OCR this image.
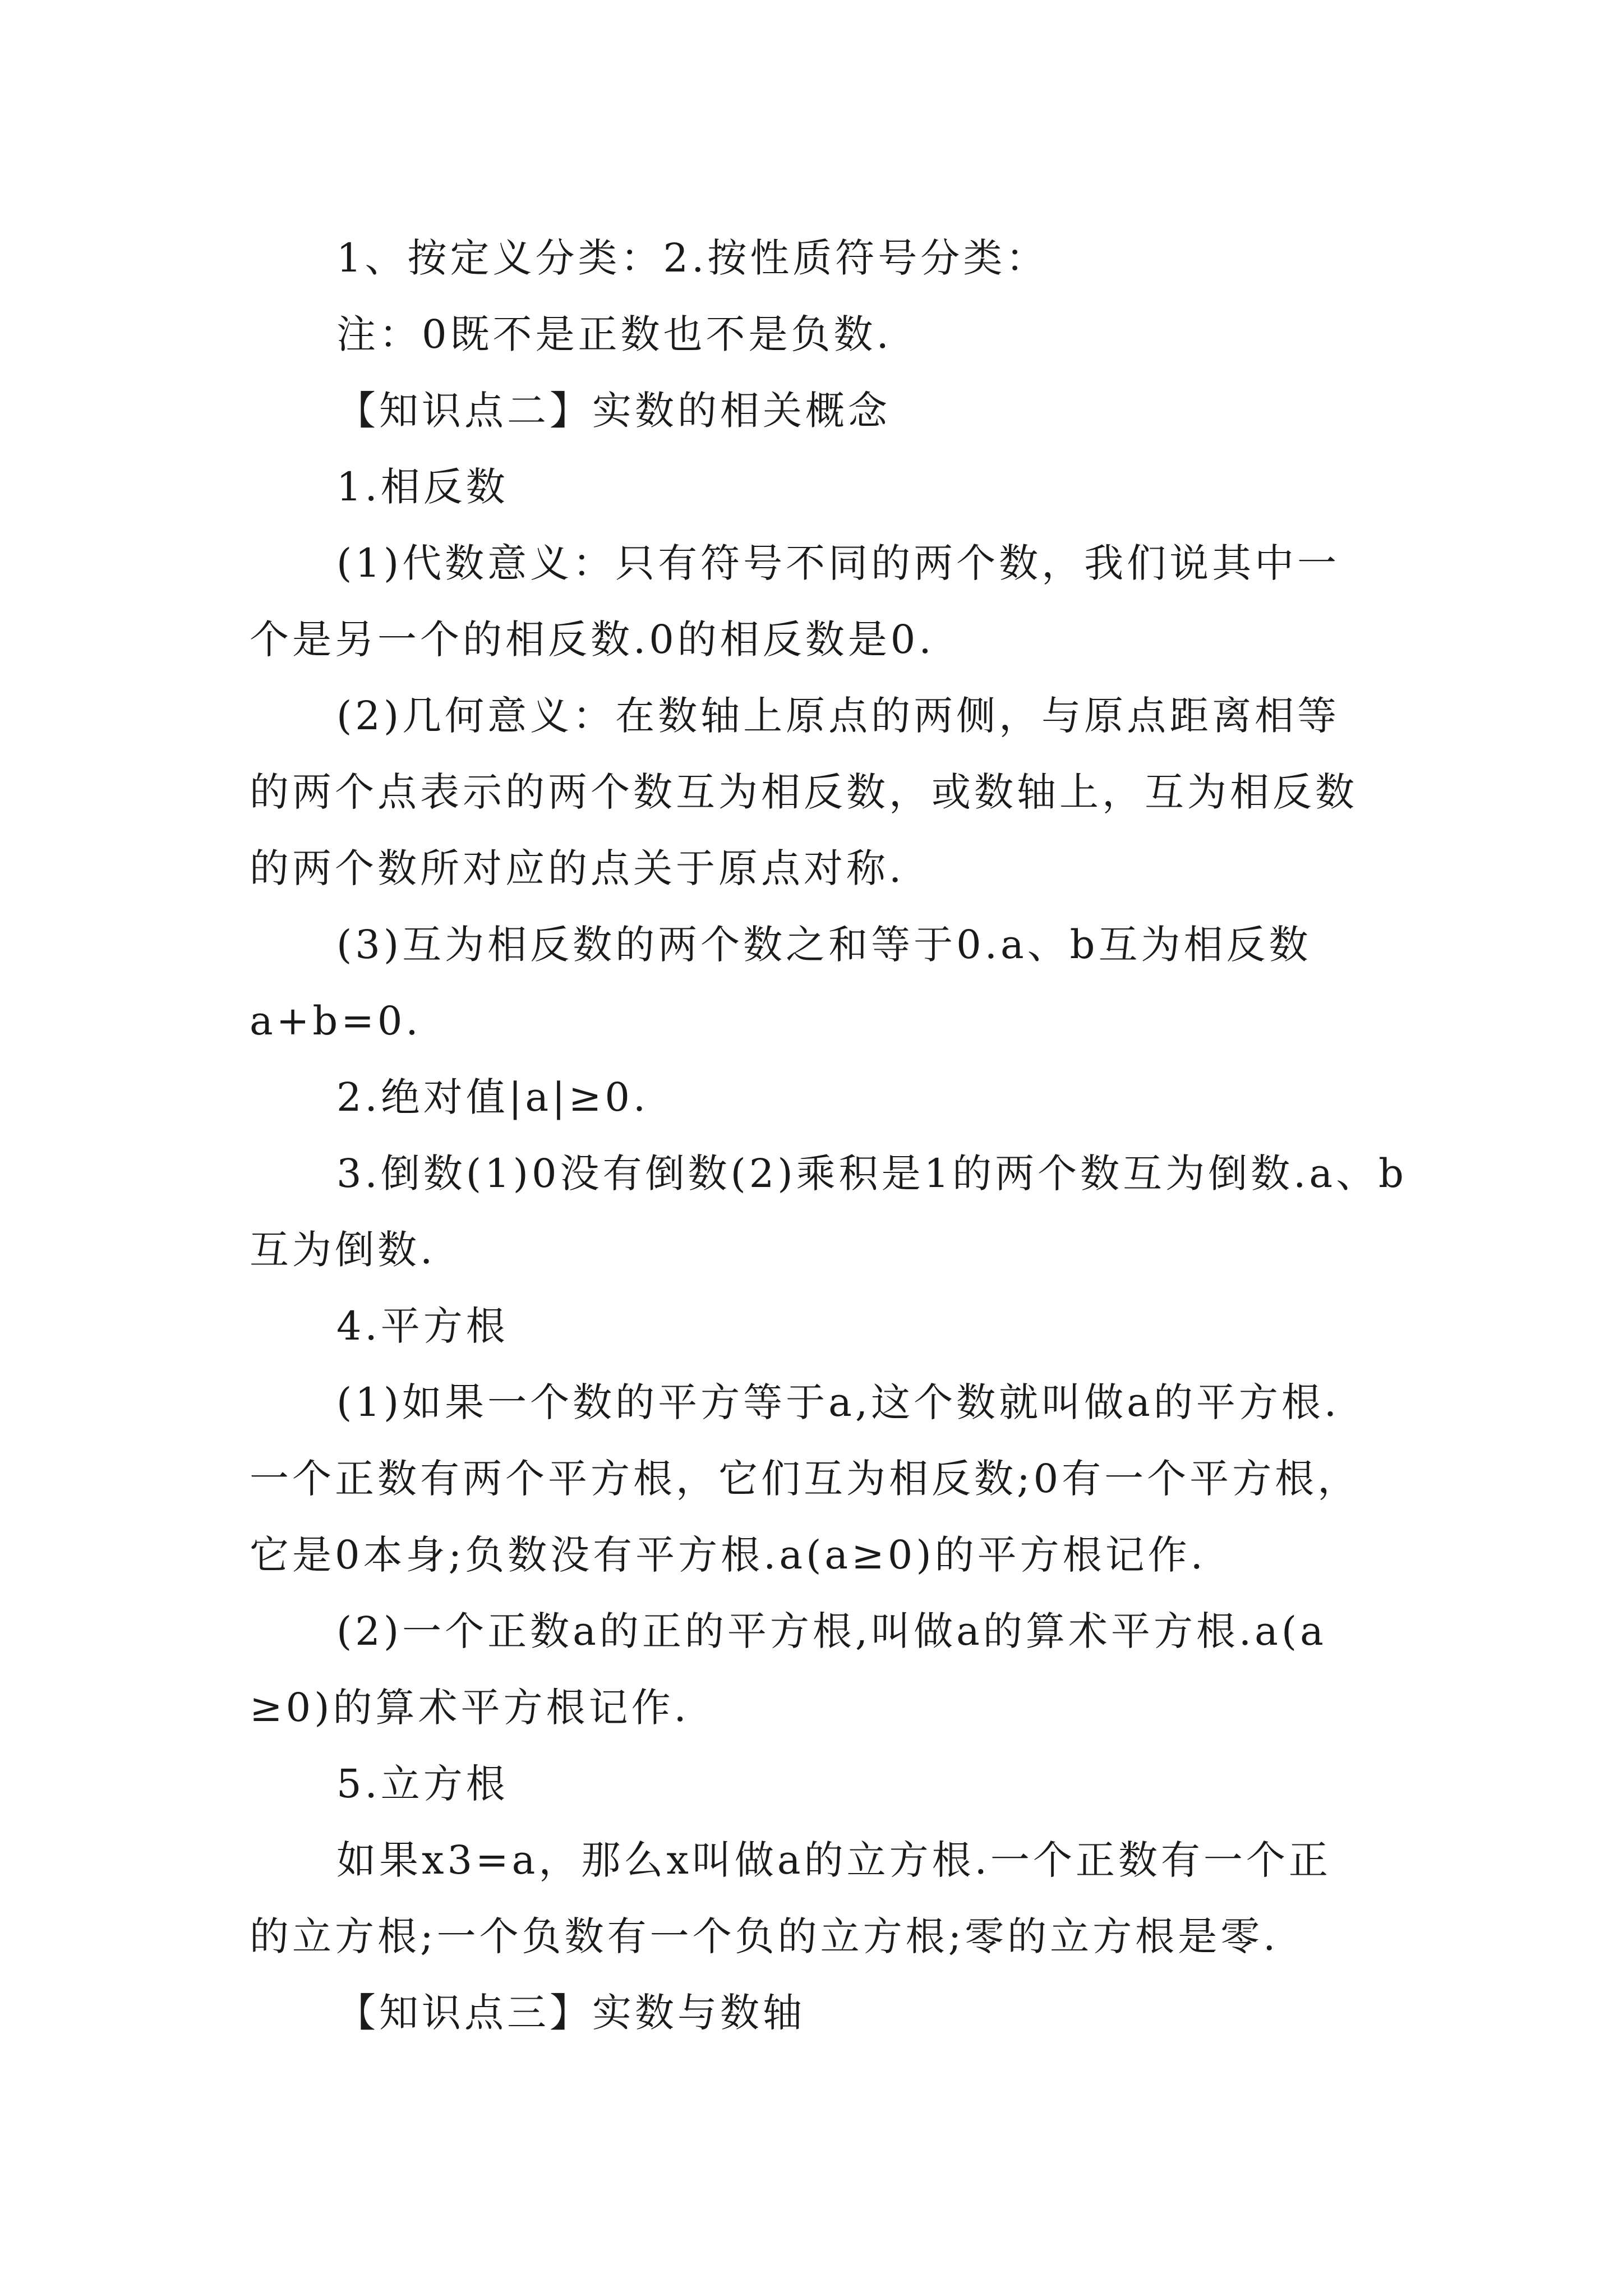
1、按定义分类：2.按性质符号分类：
注：0既不是正数也不是负数.
【知识点二】实数的相关概念
1.相反数
(1)代数意义：只有符号不同的两个数，我们说其中一
个是另一个的相反数.0的相反数是0.
(2)几何意义：在数轴上原点的两侧，与原点距离相等
的两个点表示的两个数互为相反数，或数轴上，互为相反数
的两个数所对应的点关于原点对称.
(3)互为相反数的两个数之和等于0.a、b互为相反数
a+b=0.
2.绝对值|a|≥0.
3.倒数(1)0没有倒数(2)乘积是1的两个数互为倒数.a、b
互为倒数.
4.平方根
(1)如果一个数的平方等于a,这个数就叫做a的平方根.
一个正数有两个平方根，它们互为相反数;0有一个平方根，
它是0本身;负数没有平方根.a(a≥0)的平方根记作.
(2)一个正数a的正的平方根,叫做a的算术平方根.a(a
≥0)的算术平方根记作.
5.立方根
如果x3=a，那么x叫做a的立方根.一个正数有一个正
的立方根;一个负数有一个负的立方根;零的立方根是零.
【知识点三】实数与数轴
